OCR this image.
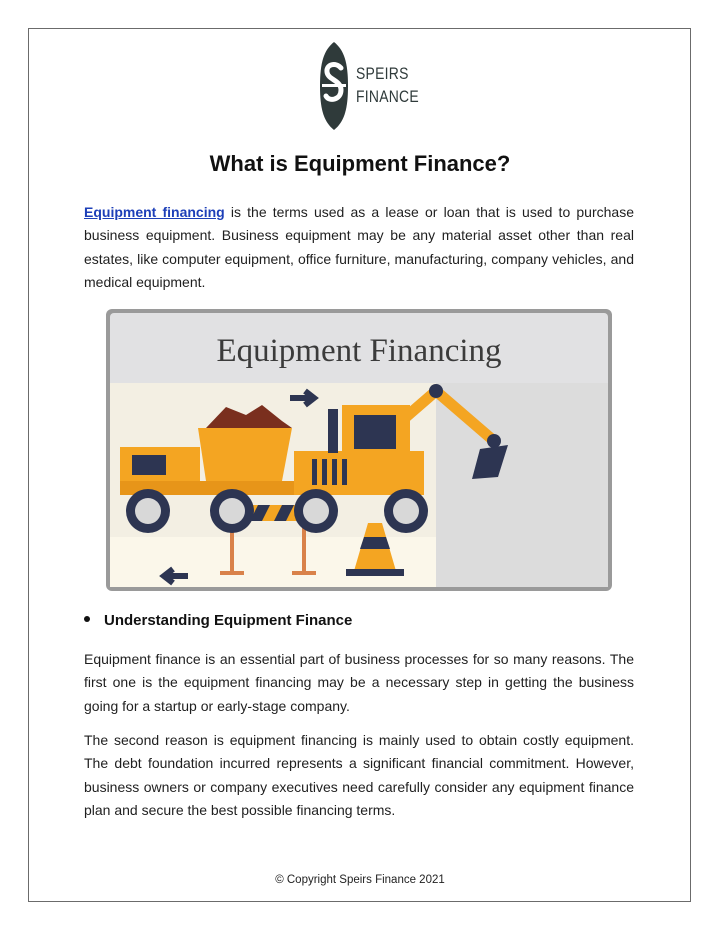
SPEIRS
FINANCE
What is Equipment Finance?

Equipment financing is the terms used as a lease or loan that is used to purchase business equipment. Business equipment may be any material asset other than real estates, like computer equipment, office furniture, manufacturing, company vehicles, and medical equipment.

Equipment Financing
Understanding Equipment Finance

Equipment finance is an essential part of business processes for so many reasons. The first one is the equipment financing may be a necessary step in getting the business going for a startup or early-stage company.

The second reason is equipment financing is mainly used to obtain costly equipment. The debt foundation incurred represents a significant financial commitment. However, business owners or company executives need carefully consider any equipment finance plan and secure the best possible financing terms.

© Copyright Speirs Finance 2021
